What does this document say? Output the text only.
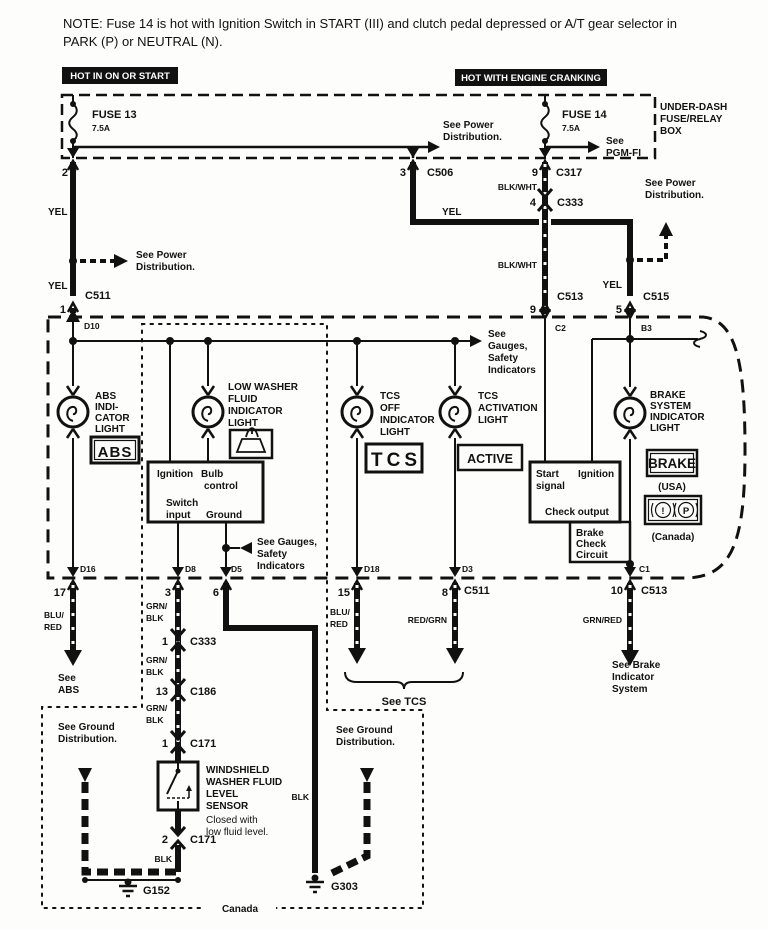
NOTE: Fuse 14 is hot with Ignition Switch in START (III) and clutch pedal depressed or A/T gear selector in
PARK (P) or NEUTRAL (N).
HOT IN ON OR START	HOT WITH ENGINE CRANKING
UNDER-DASH
FUSE/RELAY
BOX
FUSE 13
7.5A
FUSE 14
7.5A
See Power
Distribution.	See
PGM-FI
2	3 C506	9 C317
YEL
See Power
Distribution.
YEL
C511
1
YEL
See Power
Distribution.
YEL
C515
5
4 C333
BLK/WHT
BLK/WHT
C513
9
Canada
D10	C2	B3
See
Gauges,
Safety
Indicators
See Gauges,
Safety
Indicators
ABS
INDI-
CATOR
LIGHT
ABS
LOW WASHER
FLUID
INDICATOR
LIGHT
TCS
OFF
INDICATOR
LIGHT
TCS
TCS
ACTIVATION
LIGHT
ACTIVE
BRAKE
SYSTEM
INDICATOR
LIGHT
BRAKE
(USA)
! P
(Canada)
Ignition Bulb
control
Switch
input Ground
Start
signal
Ignition
Check output
Brake
Check
Circuit
D16	D8	D5	D18	D3	C1
17	3	6	15	8 C511	10 C513
BLU/
RED
See
ABS
GRN/
BLK
1 C333
GRN/
BLK
13 C186
GRN/
BLK
1 C171
BLK
BLU/
RED	RED/GRN
See TCS
GRN/RED
See Brake
Indicator
System
WINDSHIELD
WASHER FLUID
LEVEL
SENSOR
Closed with
low fluid level.
2 C171
BLK
See Ground
Distribution.
G152
See Ground
Distribution.
G303
